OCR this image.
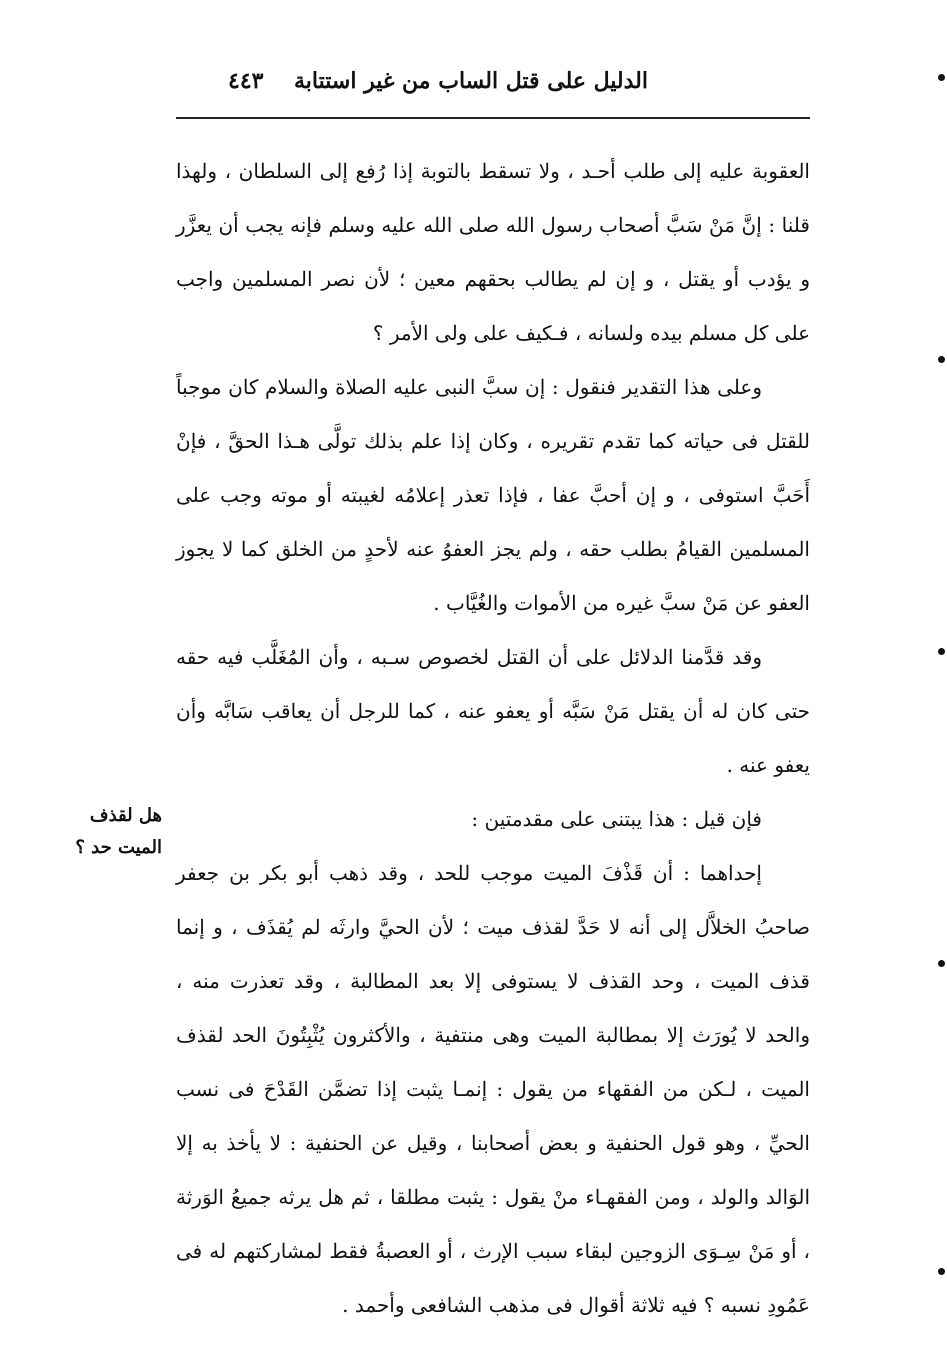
الدليل على قتل الساب من غير استتابة
٤٤٣

العقوبة عليه إلى طلب أحـد ، ولا تسقط بالتوبة إذا رُفع إلى السلطان ، ولهذا قلنا : إنَّ مَنْ سَبَّ أصحاب رسول الله صلى الله عليه وسلم فإنه يجب أن يعزَّر و يؤدب أو يقتل ، و إن لم يطالب بحقهم معين ؛ لأن نصر المسلمين واجب على كل مسلم بيده ولسانه ، فـكيف على ولى الأمر ؟

وعلى هذا التقدير فنقول : إن سبَّ النبى عليه الصلاة والسلام كان موجباً للقتل فى حياته كما تقدم تقريره ، وكان إذا علم بذلك تولَّى هـذا الحقَّ ، فإنْ أَحَبَّ استوفى ، و إن أحبَّ عفا ، فإذا تعذر إعلامُه لغيبته أو موته وجب على المسلمين القيامُ بطلب حقه ، ولم يجز العفوُ عنه لأحدٍ من الخلق كما لا يجوز العفو عن مَنْ سبَّ غيره من الأموات والغُيَّاب .

وقد قدَّمنا الدلائل على أن القتل لخصوص سـبه ، وأن المُغَلَّب فيه حقه حتى كان له أن يقتل مَنْ سَبَّه أو يعفو عنه ، كما للرجل أن يعاقب سَابَّه وأن يعفو عنه .

فإن قيل : هذا يبتنى على مقدمتين :

إحداهما : أن قَذْفَ الميت موجب للحد ، وقد ذهب أبو بكر بن جعفر صاحبُ الخلاَّل إلى أنه لا حَدَّ لقذف ميت ؛ لأن الحيَّ وارثَه لم يُقذَف ، و إنما قذف الميت ، وحد القذف لا يستوفى إلا بعد المطالبة ، وقد تعذرت منه ، والحد لا يُورَث إلا بمطالبة الميت وهى منتفية ، والأكثرون يُثْبِتُونَ الحد لقذف الميت ، لـكن من الفقهاء من يقول : إنمـا يثبت إذا تضمَّن القَدْحَ فى نسب الحيِّ ، وهو قول الحنفية و بعض أصحابنا ، وقيل عن الحنفية : لا يأخذ به إلا الوَالد والولد ، ومن الفقهـاء منْ يقول : يثبت مطلقا ، ثم هل يرثه جميعُ الوَرثة ، أو مَنْ سِـوَى الزوجين لبقاء سبب الإرث ، أو العصبةُ فقط لمشاركتهم له فى عَمُودِ نسبه ؟ فيه ثلاثة أقوال فى مذهب الشافعى وأحمد .

هل لقذف
الميت حد ؟
